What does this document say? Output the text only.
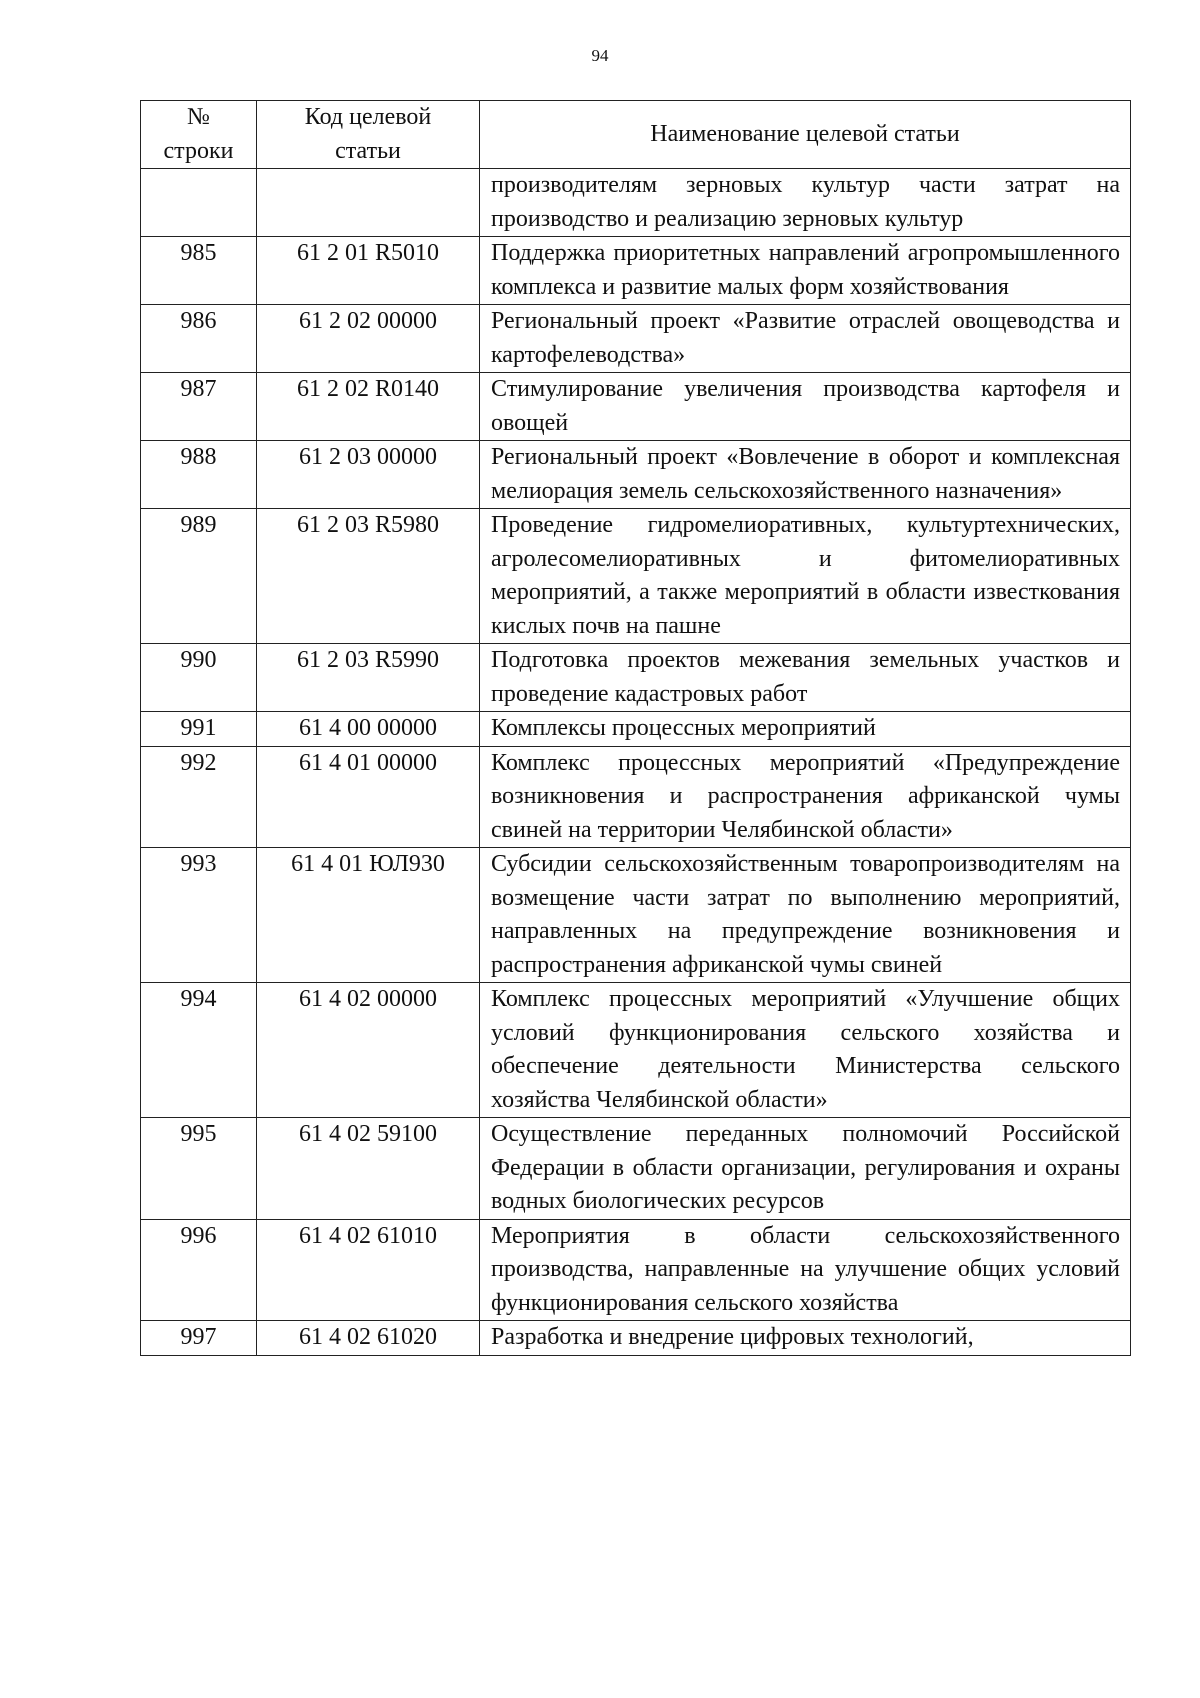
94
№ строки	Код целевой статьи	Наименование целевой статьи
		производителям зерновых культур части затрат на производство и реализацию зерновых культур
985	61 2 01 R5010	Поддержка приоритетных направлений агропромышленного комплекса и развитие малых форм хозяйствования
986	61 2 02 00000	Региональный проект «Развитие отраслей овощеводства и картофелеводства»
987	61 2 02 R0140	Стимулирование увеличения производства картофеля и овощей
988	61 2 03 00000	Региональный проект «Вовлечение в оборот и комплексная мелиорация земель сельскохозяйственного назначения»
989	61 2 03 R5980	Проведение гидромелиоративных, культуртехнических, агролесомелиоративных и фитомелиоративных мероприятий, а также мероприятий в области известкования кислых почв на пашне
990	61 2 03 R5990	Подготовка проектов межевания земельных участков и проведение кадастровых работ
991	61 4 00 00000	Комплексы процессных мероприятий
992	61 4 01 00000	Комплекс процессных мероприятий «Предупреждение возникновения и распространения африканской чумы свиней на территории Челябинской области»
993	61 4 01 ЮЛ930	Субсидии сельскохозяйственным товаропроизводителям на возмещение части затрат по выполнению мероприятий, направленных на предупреждение возникновения и распространения африканской чумы свиней
994	61 4 02 00000	Комплекс процессных мероприятий «Улучшение общих условий функционирования сельского хозяйства и обеспечение деятельности Министерства сельского хозяйства Челябинской области»
995	61 4 02 59100	Осуществление переданных полномочий Российской Федерации в области организации, регулирования и охраны водных биологических ресурсов
996	61 4 02 61010	Мероприятия в области сельскохозяйственного производства, направленные на улучшение общих условий функционирования сельского хозяйства
997	61 4 02 61020	Разработка и внедрение цифровых технологий,
